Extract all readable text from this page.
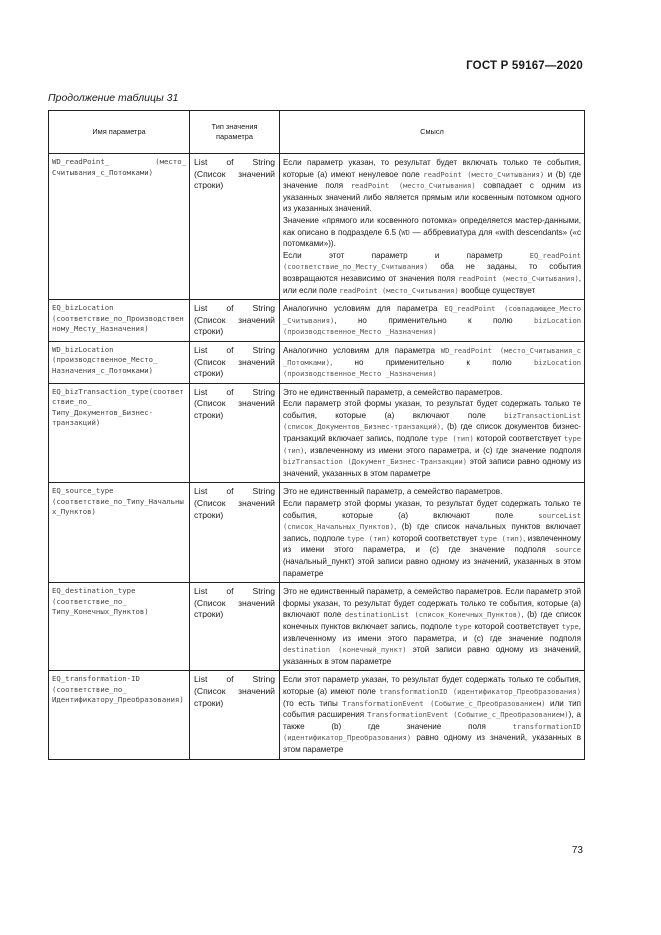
ГОСТ Р 59167—2020
Продолжение таблицы 31
Имя параметра	Тип значения параметра	Смысл
WD_readPoint_ (место_ Считывания_с_Потомками)	List of String (Список значений строки)	Если параметр указан, то результат будет включать только те события, которые (а) имеют ненулевое поле readPoint (место_Считывания) и (b) где значение поля readPoint (место_Считывания) совпадает с одним из указанных значений либо является прямым или косвенным потомком одного из указанных значений.

Значение «прямого или косвенного потомка» определяется мастер-данными, как описано в подразделе 6.5 (WD — аббревиатура для «with descendants» («с потомками»)).

Если этот параметр и параметр EQ_readPoint (соответствие_по_Месту_Считывания) оба не заданы, то события возвращаются независимо от значения поля readPoint (место_Считывания), или если поле readPoint (место_Считывания) вообще существует

EQ_bizLocation (соответствие_по_Производственному_Месту_Назначения)	List of String (Список значений строки)	Аналогично условиям для параметра EQ_readPoint (совпадающее_Место _Считывания), но применительно к полю bizLocation (производственное_Место _Назначения)

WD_bizLocation (производственное_Место_ Назначения_с_Потомками)	List of String (Список значений строки)	Аналогично условиям для параметра WD_readPoint (место_Считывания_с _Потомками), но применительно к полю bizLocation (производственное_Место _Назначения)

EQ_bizTransaction_type(соответствие_по_ Типу_Документов_Бизнес-транзакций)	List of String (Список значений строки)	Это не единственный параметр, а семейство параметров.

Если параметр этой формы указан, то результат будет содержать только те события, которые (а) включают поле bizTransactionList (список_Документов_Бизнес-транзакций), (b) где список документов бизнес-транзакций включает запись, подполе type (тип) которой соответствует type (тип), извлеченному из имени этого параметра, и (с) где значение подполя bizTransaction (Документ_Бизнес-Транзакции) этой записи равно одному из значений, указанных в этом параметре

EQ_source_type (соответствие_по_Типу_Начальных_Пунктов)	List of String (Список значений строки)	Это не единственный параметр, а семейство параметров.

Если параметр этой формы указан, то результат будет содержать только те события, которые (а) включают поле sourceList (список_Начальных_Пунктов), (b) где список начальных пунктов включает запись, подполе type (тип) которой соответствует type (тип), извлеченному из имени этого параметра, и (с) где значение подполя source (начальный_пункт) этой записи равно одному из значений, указанных в этом параметре

EQ_destination_type (соответствие_по_ Типу_Конечных_Пунктов)	List of String (Список значений строки)	Это не единственный параметр, а семейство параметров. Если параметр этой формы указан, то результат будет содержать только те события, которые (а) включают поле destinationList (список_Конечных_Пунктов), (b) где список конечных пунктов включает запись, подполе type которой соответствует type, извлеченному из имени этого параметра, и (с) где значение подполя destination (конечный_пункт) этой записи равно одному из значений, указанных в этом параметре

EQ_transformation-ID (соответствие_по_ Идентификатору_Преобразования)	List of String (Список значений строки)	Если этот параметр указан, то результат будет содержать только те события, которые (а) имеют поле transformationID (идентификатор_Преобразования) (то есть типы TransformationEvent (Событие_с_Преобразованием) или тип события расширения TransformationEvent (Событие_с_Преобразованием)), а также (b) где значение поля transformationID (идентификатор_Преобразования) равно одному из значений, указанных в этом параметре

73
